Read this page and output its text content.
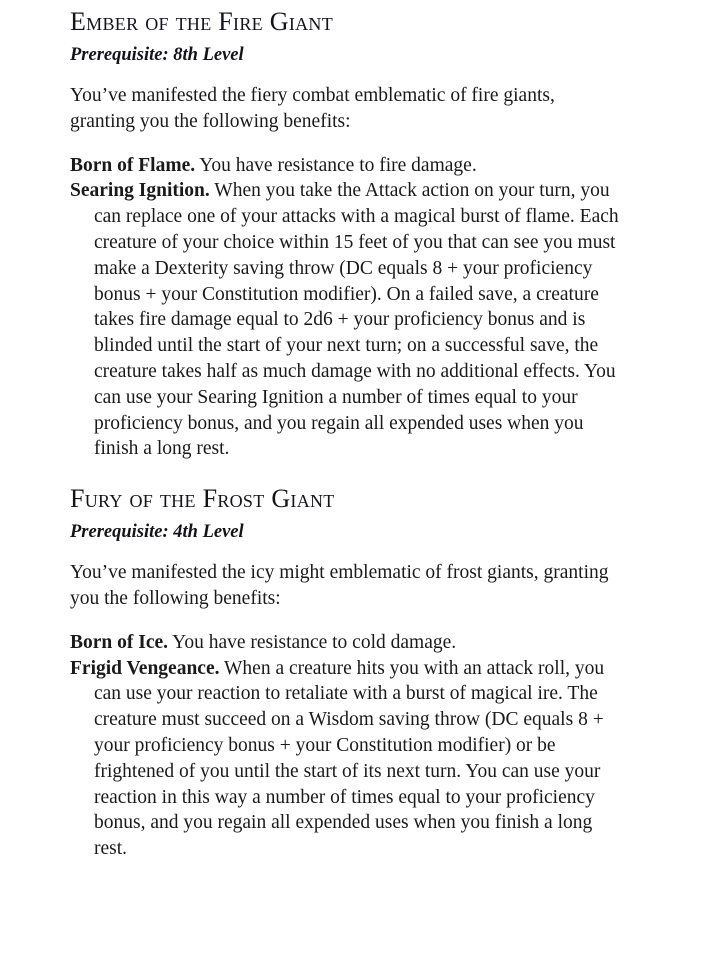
Ember of the Fire Giant

Prerequisite: 8th Level

You’ve manifested the fiery combat emblematic of fire giants, granting you the following benefits:

Born of Flame. You have resistance to fire damage.

Searing Ignition. When you take the Attack action on your turn, you can replace one of your attacks with a magical burst of flame. Each creature of your choice within 15 feet of you that can see you must make a Dexterity saving throw (DC equals 8 + your proficiency bonus + your Constitution modifier). On a failed save, a creature takes fire damage equal to 2d6 + your proficiency bonus and is blinded until the start of your next turn; on a successful save, the creature takes half as much damage with no additional effects. You can use your Searing Ignition a number of times equal to your proficiency bonus, and you regain all expended uses when you finish a long rest.

Fury of the Frost Giant

Prerequisite: 4th Level

You’ve manifested the icy might emblematic of frost giants, granting you the following benefits:

Born of Ice. You have resistance to cold damage.

Frigid Vengeance. When a creature hits you with an attack roll, you can use your reaction to retaliate with a burst of magical ire. The creature must succeed on a Wisdom saving throw (DC equals 8 + your proficiency bonus + your Constitution modifier) or be frightened of you until the start of its next turn. You can use your reaction in this way a number of times equal to your proficiency bonus, and you regain all expended uses when you finish a long rest.
